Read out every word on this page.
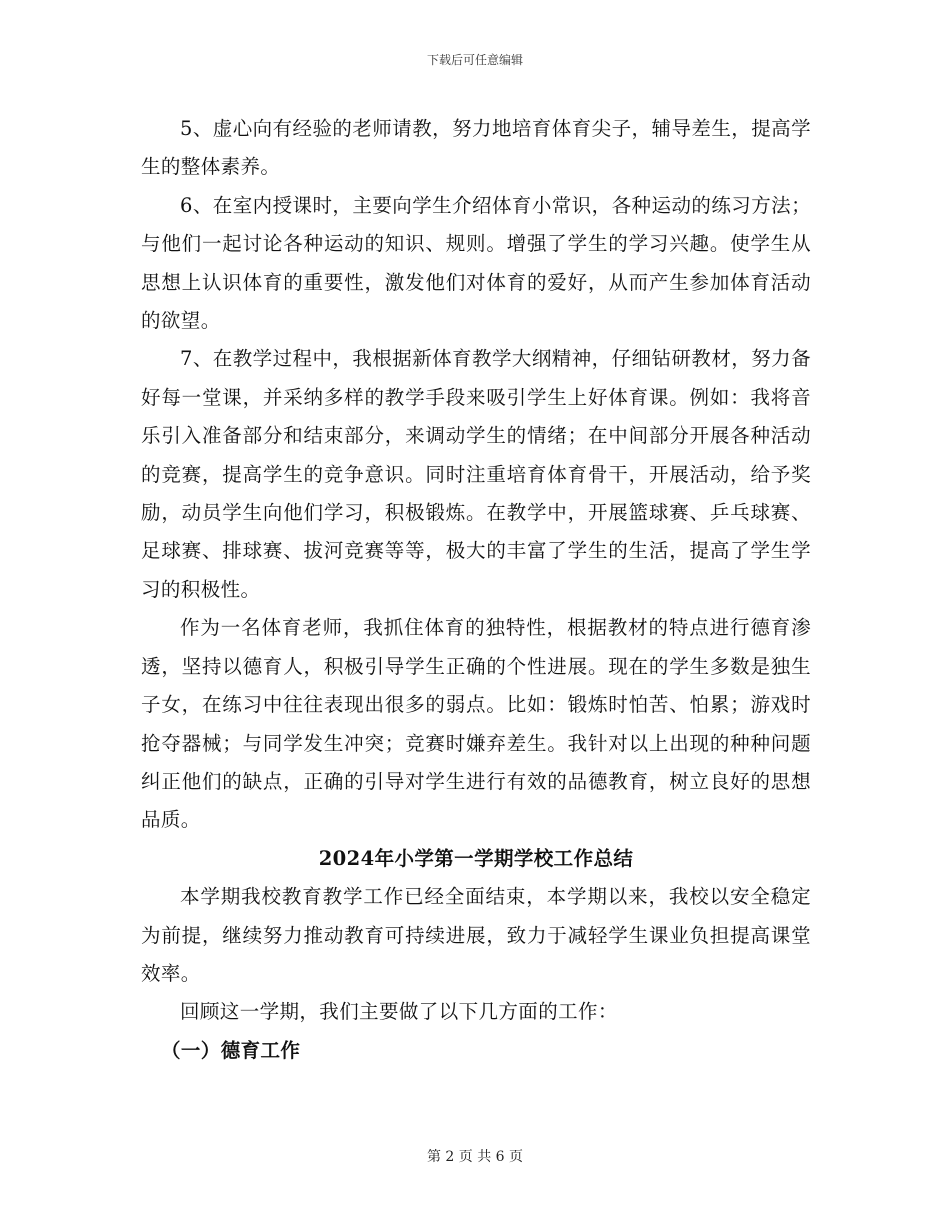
下载后可任意编辑

5、虚心向有经验的老师请教，努力地培育体育尖子，辅导差生，提高学生的整体素养。

6、在室内授课时，主要向学生介绍体育小常识，各种运动的练习方法；与他们一起讨论各种运动的知识、规则。增强了学生的学习兴趣。使学生从思想上认识体育的重要性，激发他们对体育的爱好，从而产生参加体育活动的欲望。

7、在教学过程中，我根据新体育教学大纲精神，仔细钻研教材，努力备好每一堂课，并采纳多样的教学手段来吸引学生上好体育课。例如：我将音乐引入准备部分和结束部分，来调动学生的情绪；在中间部分开展各种活动的竞赛，提高学生的竞争意识。同时注重培育体育骨干，开展活动，给予奖励，动员学生向他们学习，积极锻炼。在教学中，开展篮球赛、乒乓球赛、足球赛、排球赛、拔河竞赛等等，极大的丰富了学生的生活，提高了学生学习的积极性。

作为一名体育老师，我抓住体育的独特性，根据教材的特点进行德育渗透，坚持以德育人，积极引导学生正确的个性进展。现在的学生多数是独生子女，在练习中往往表现出很多的弱点。比如：锻炼时怕苦、怕累；游戏时抢夺器械；与同学发生冲突；竞赛时嫌弃差生。我针对以上出现的种种问题纠正他们的缺点，正确的引导对学生进行有效的品德教育，树立良好的思想品质。

2024年小学第一学期学校工作总结

本学期我校教育教学工作已经全面结束，本学期以来，我校以安全稳定为前提，继续努力推动教育可持续进展，致力于减轻学生课业负担提高课堂效率。

回顾这一学期，我们主要做了以下几方面的工作：

（一）德育工作
第 2 页 共 6 页
